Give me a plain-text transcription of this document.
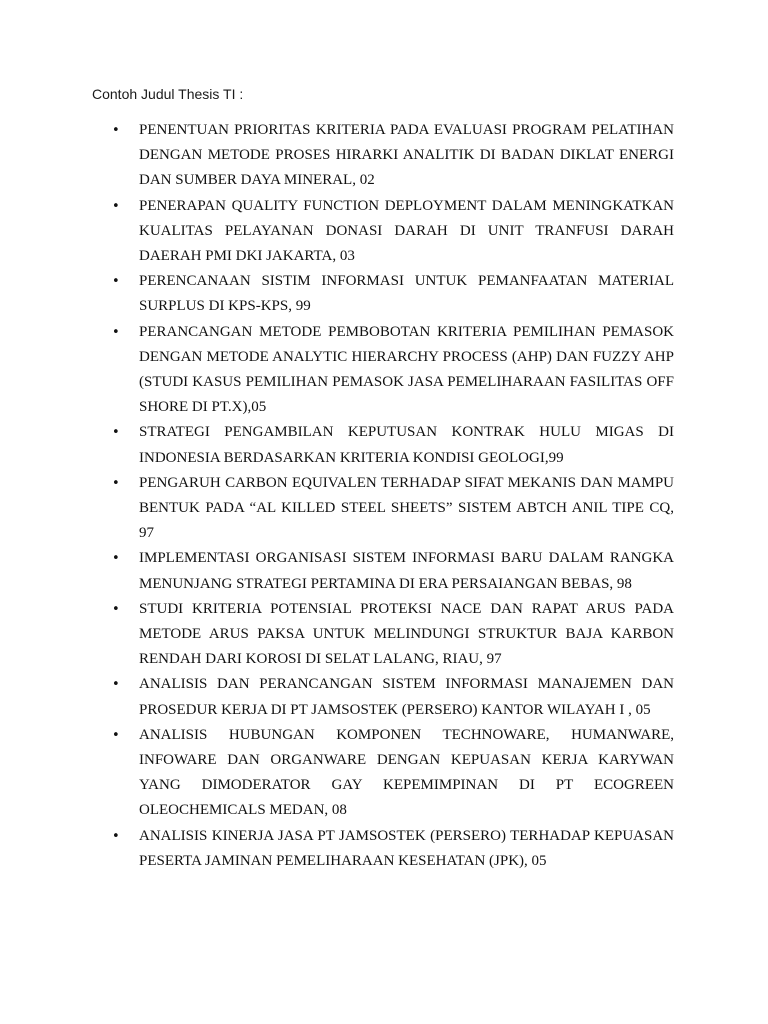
Contoh Judul Thesis TI :
• PENENTUAN PRIORITAS KRITERIA PADA EVALUASI PROGRAM PELATIHAN DENGAN METODE PROSES HIRARKI ANALITIK DI BADAN DIKLAT ENERGI DAN SUMBER DAYA MINERAL, 02
• PENERAPAN QUALITY FUNCTION DEPLOYMENT DALAM MENINGKATKAN KUALITAS PELAYANAN DONASI DARAH DI UNIT TRANFUSI DARAH DAERAH PMI DKI JAKARTA, 03
• PERENCANAAN SISTIM INFORMASI UNTUK PEMANFAATAN MATERIAL SURPLUS DI KPS-KPS, 99
• PERANCANGAN METODE PEMBOBOTAN KRITERIA PEMILIHAN PEMASOK DENGAN METODE ANALYTIC HIERARCHY PROCESS (AHP) DAN FUZZY AHP (STUDI KASUS PEMILIHAN PEMASOK JASA PEMELIHARAAN FASILITAS OFF SHORE DI PT.X),05
• STRATEGI PENGAMBILAN KEPUTUSAN KONTRAK HULU MIGAS DI INDONESIA BERDASARKAN KRITERIA KONDISI GEOLOGI,99
• PENGARUH CARBON EQUIVALEN TERHADAP SIFAT MEKANIS DAN MAMPU BENTUK PADA “AL KILLED STEEL SHEETS” SISTEM ABTCH ANIL TIPE CQ, 97
• IMPLEMENTASI ORGANISASI SISTEM INFORMASI BARU DALAM RANGKA MENUNJANG STRATEGI PERTAMINA DI ERA PERSAIANGAN BEBAS, 98
• STUDI KRITERIA POTENSIAL PROTEKSI NACE DAN RAPAT ARUS PADA METODE ARUS PAKSA UNTUK MELINDUNGI STRUKTUR BAJA KARBON RENDAH DARI KOROSI DI SELAT LALANG, RIAU, 97
• ANALISIS DAN PERANCANGAN SISTEM INFORMASI MANAJEMEN DAN PROSEDUR KERJA DI PT JAMSOSTEK (PERSERO) KANTOR WILAYAH I , 05
• ANALISIS HUBUNGAN KOMPONEN TECHNOWARE, HUMANWARE, INFOWARE DAN ORGANWARE DENGAN KEPUASAN KERJA KARYWAN YANG DIMODERATOR GAY KEPEMIMPINAN DI PT ECOGREEN OLEOCHEMICALS MEDAN, 08
• ANALISIS KINERJA JASA PT JAMSOSTEK (PERSERO) TERHADAP KEPUASAN PESERTA JAMINAN PEMELIHARAAN KESEHATAN (JPK), 05
